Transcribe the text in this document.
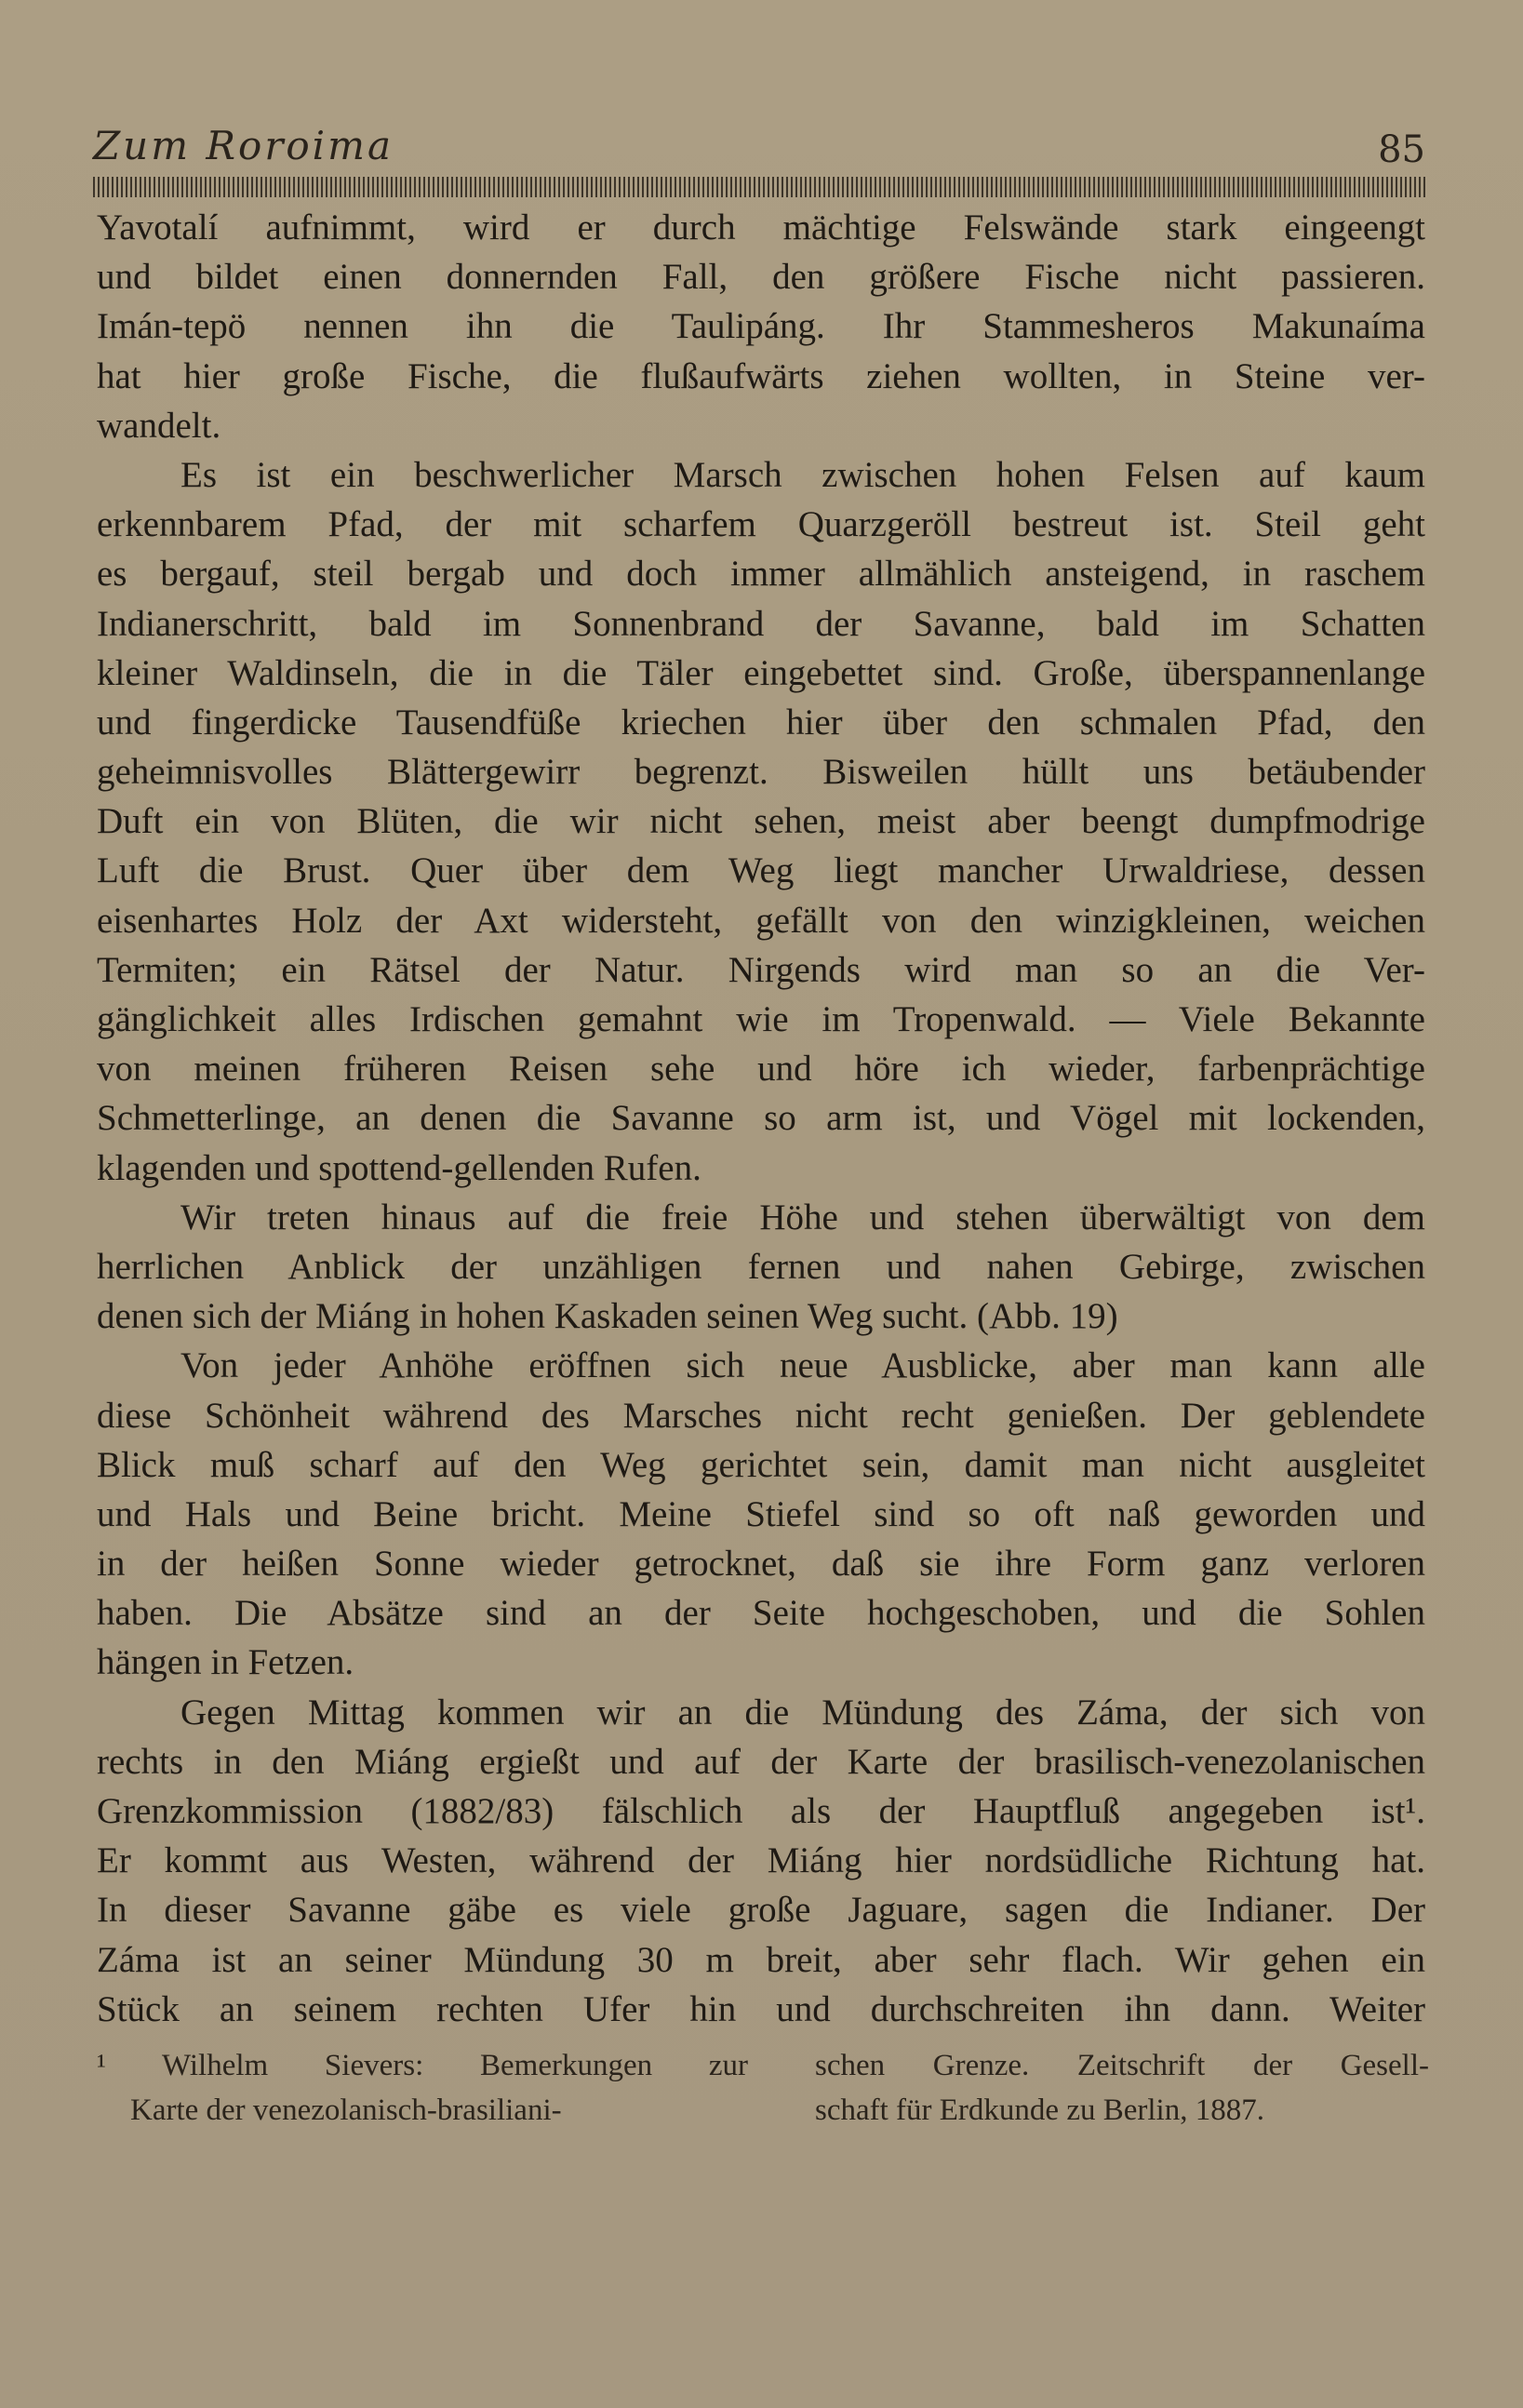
Zum Roroima	85
Yavotalí aufnimmt, wird er durch mächtige Felswände stark eingeengt
und bildet einen donnernden Fall, den größere Fische nicht passieren.
Imán-tepö nennen ihn die Taulipáng. Ihr Stammesheros Makunaíma
hat hier große Fische, die flußaufwärts ziehen wollten, in Steine ver-
wandelt.
Es ist ein beschwerlicher Marsch zwischen hohen Felsen auf kaum
erkennbarem Pfad, der mit scharfem Quarzgeröll bestreut ist. Steil geht
es bergauf, steil bergab und doch immer allmählich ansteigend, in raschem
Indianerschritt, bald im Sonnenbrand der Savanne, bald im Schatten
kleiner Waldinseln, die in die Täler eingebettet sind. Große, überspannenlange
und fingerdicke Tausendfüße kriechen hier über den schmalen Pfad, den
geheimnisvolles Blättergewirr begrenzt. Bisweilen hüllt uns betäubender
Duft ein von Blüten, die wir nicht sehen, meist aber beengt dumpfmodrige
Luft die Brust. Quer über dem Weg liegt mancher Urwaldriese, dessen
eisenhartes Holz der Axt widersteht, gefällt von den winzigkleinen, weichen
Termiten; ein Rätsel der Natur. Nirgends wird man so an die Ver-
gänglichkeit alles Irdischen gemahnt wie im Tropenwald. — Viele Bekannte
von meinen früheren Reisen sehe und höre ich wieder, farbenprächtige
Schmetterlinge, an denen die Savanne so arm ist, und Vögel mit lockenden,
klagenden und spottend-gellenden Rufen.
Wir treten hinaus auf die freie Höhe und stehen überwältigt von dem
herrlichen Anblick der unzähligen fernen und nahen Gebirge, zwischen
denen sich der Miáng in hohen Kaskaden seinen Weg sucht. (Abb. 19)
Von jeder Anhöhe eröffnen sich neue Ausblicke, aber man kann alle
diese Schönheit während des Marsches nicht recht genießen. Der geblendete
Blick muß scharf auf den Weg gerichtet sein, damit man nicht ausgleitet
und Hals und Beine bricht. Meine Stiefel sind so oft naß geworden und
in der heißen Sonne wieder getrocknet, daß sie ihre Form ganz verloren
haben. Die Absätze sind an der Seite hochgeschoben, und die Sohlen
hängen in Fetzen.
Gegen Mittag kommen wir an die Mündung des Záma, der sich von
rechts in den Miáng ergießt und auf der Karte der brasilisch-venezolanischen
Grenzkommission (1882/83) fälschlich als der Hauptfluß angegeben ist¹.
Er kommt aus Westen, während der Miáng hier nordsüdliche Richtung hat.
In dieser Savanne gäbe es viele große Jaguare, sagen die Indianer. Der
Záma ist an seiner Mündung 30 m breit, aber sehr flach. Wir gehen ein
Stück an seinem rechten Ufer hin und durchschreiten ihn dann. Weiter
¹ Wilhelm Sievers: Bemerkungen zur
Karte der venezolanisch-brasiliani-
schen Grenze. Zeitschrift der Gesell-
schaft für Erdkunde zu Berlin, 1887.
